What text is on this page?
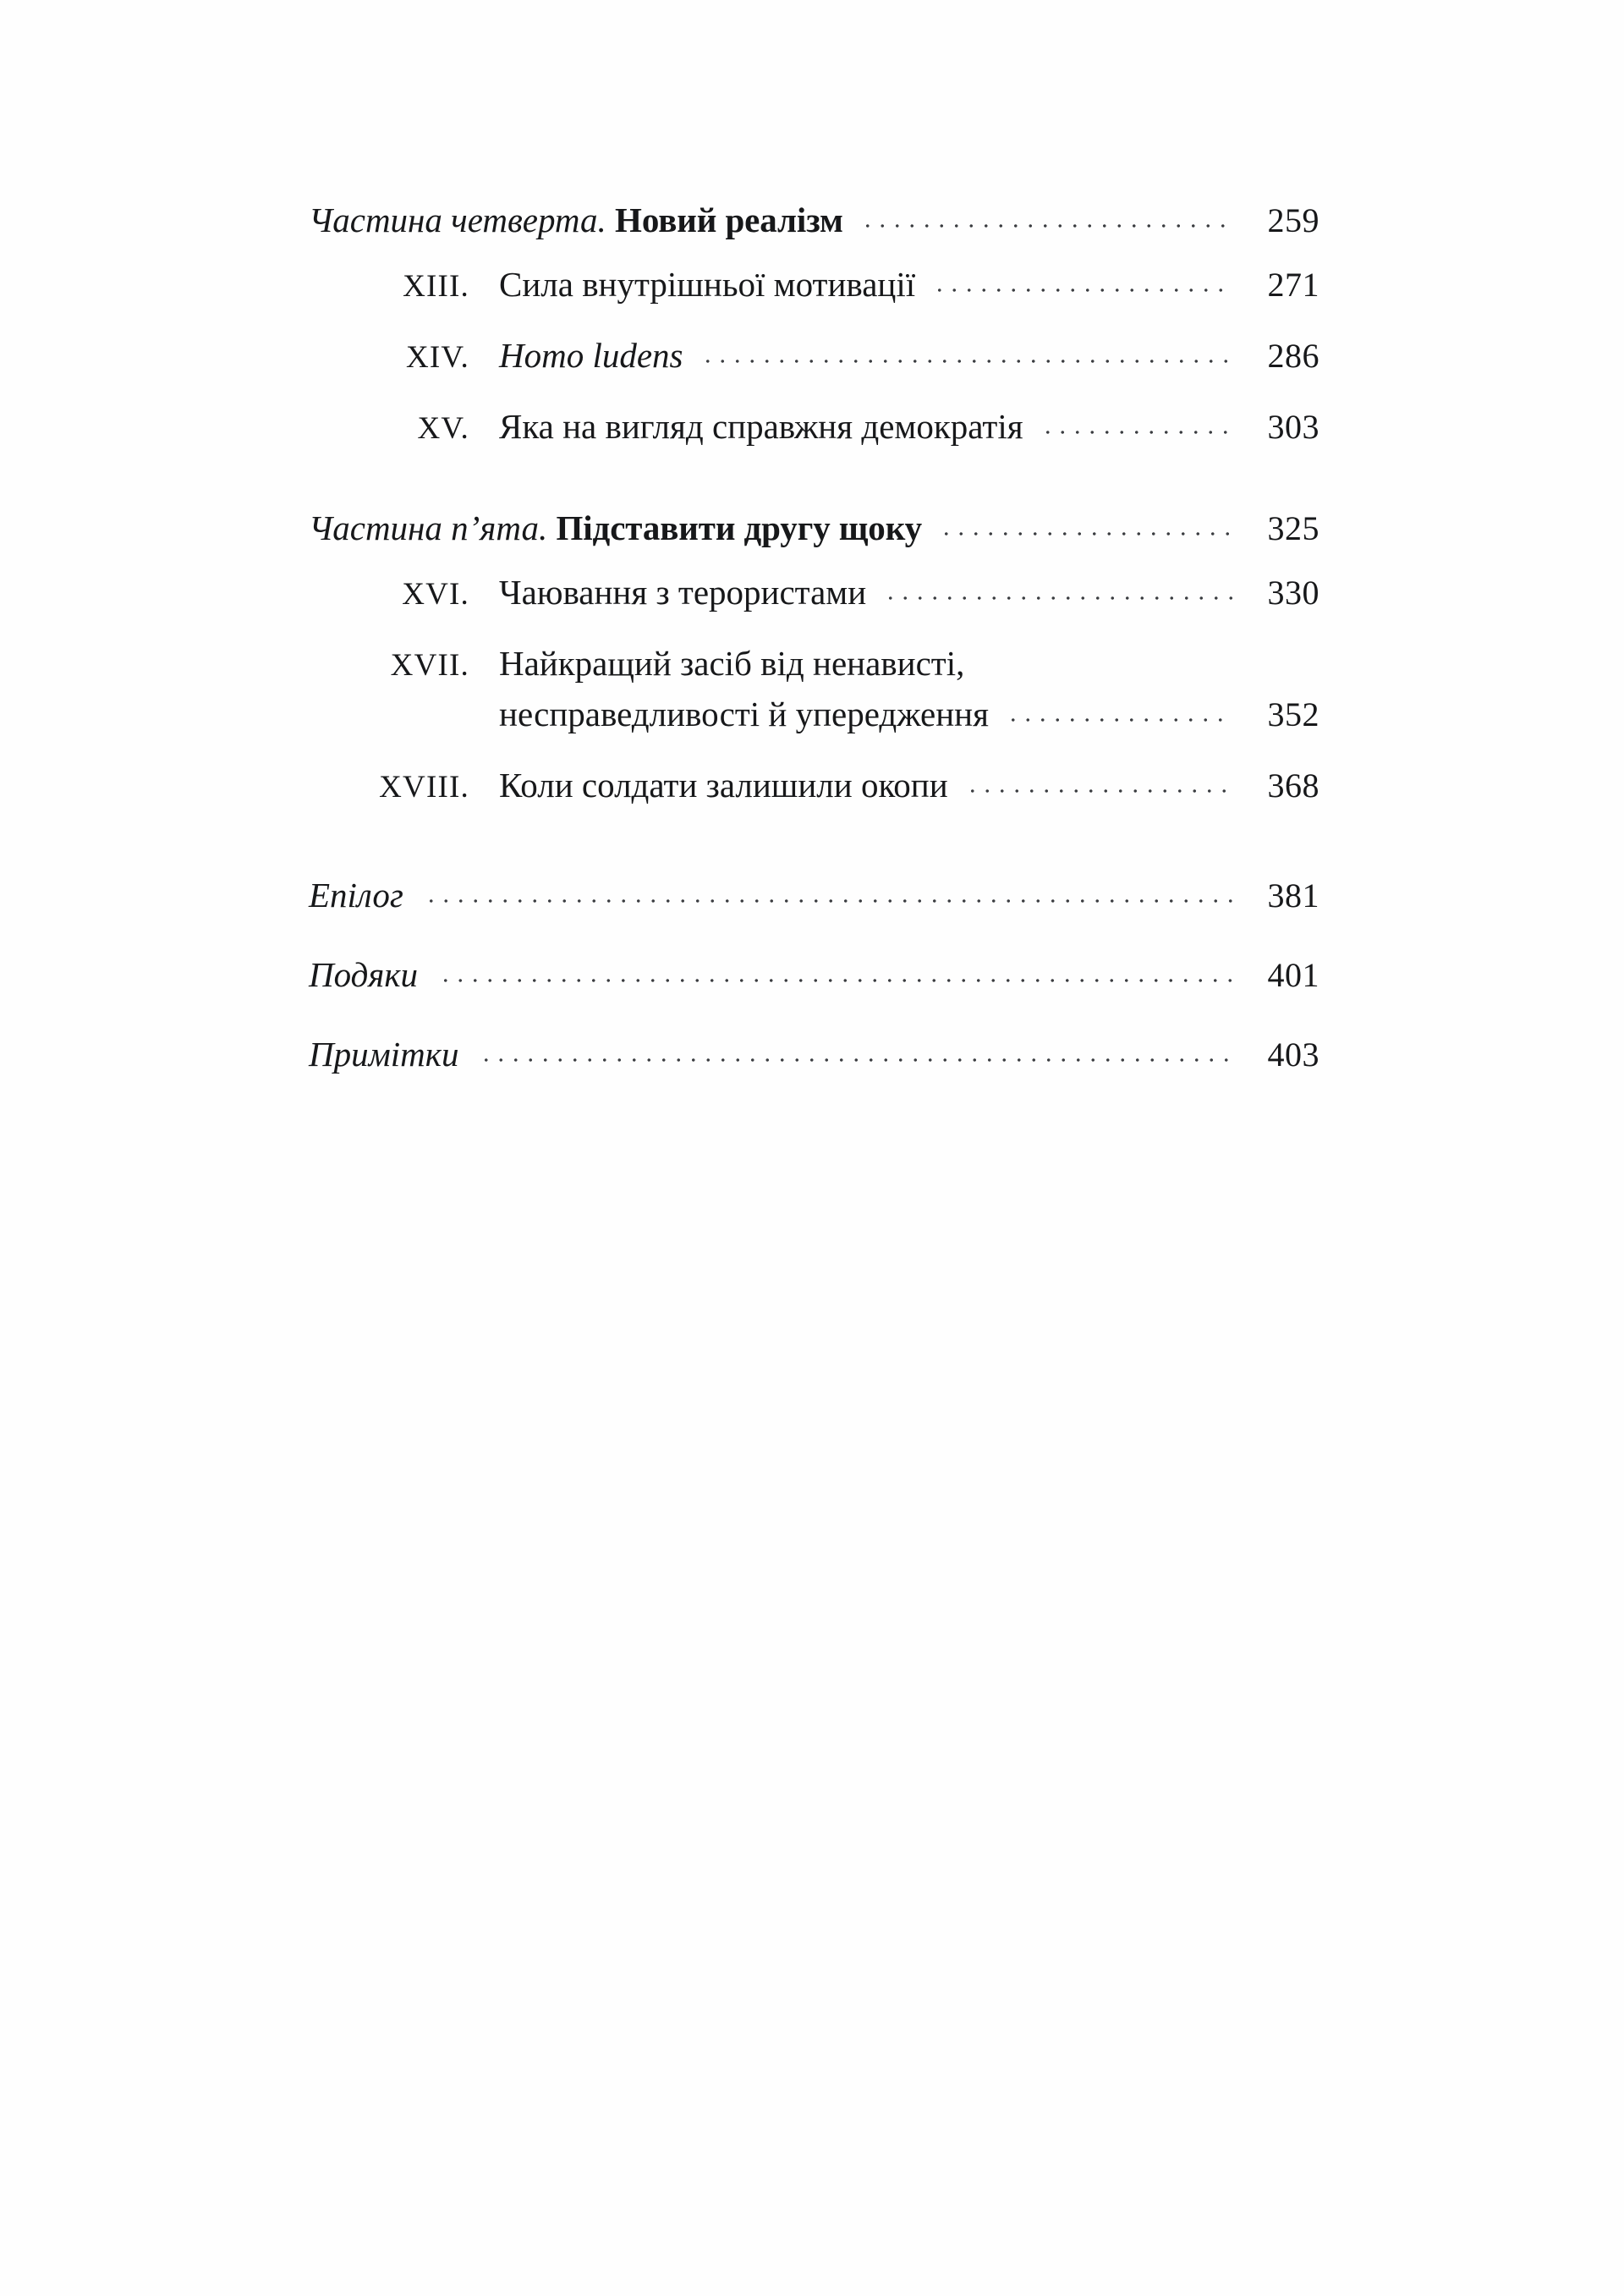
Частина четверта. Новий реалізм	259
XIII. Сила внутрішньої мотивації	271
XIV. Homo ludens	286
XV. Яка на вигляд справжня демократія	303
Частина п’ята. Підставити другу щоку	325
XVI. Чаювання з терористами	330
XVII. Найкращий засіб від ненависті,
несправедливості й упередження	352
XVIII. Коли солдати залишили окопи	368
Епілог	381
Подяки	401
Примітки	403
